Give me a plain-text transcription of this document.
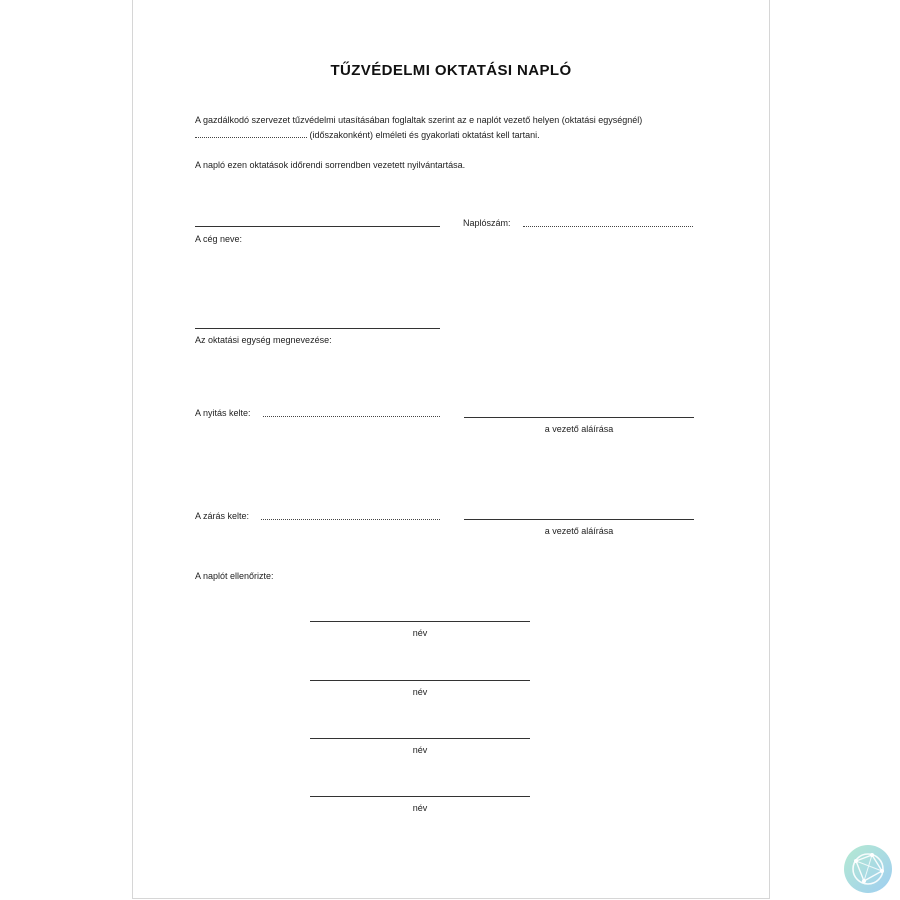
TŰZVÉDELMI OKTATÁSI NAPLÓ
A gazdálkodó szervezet tűzvédelmi utasításában foglaltak szerint az e naplót vezető helyen (oktatási egységnél)  (időszakonként) elméleti és gyakorlati oktatást kell tartani.
A napló ezen oktatások időrendi sorrendben vezetett nyilvántartása.
A cég neve:
Naplószám:
Az oktatási egység megnevezése:
A nyitás kelte:
a vezető aláírása
A zárás kelte:
a vezető aláírása
A naplót ellenőrizte:
név
név
név
név
